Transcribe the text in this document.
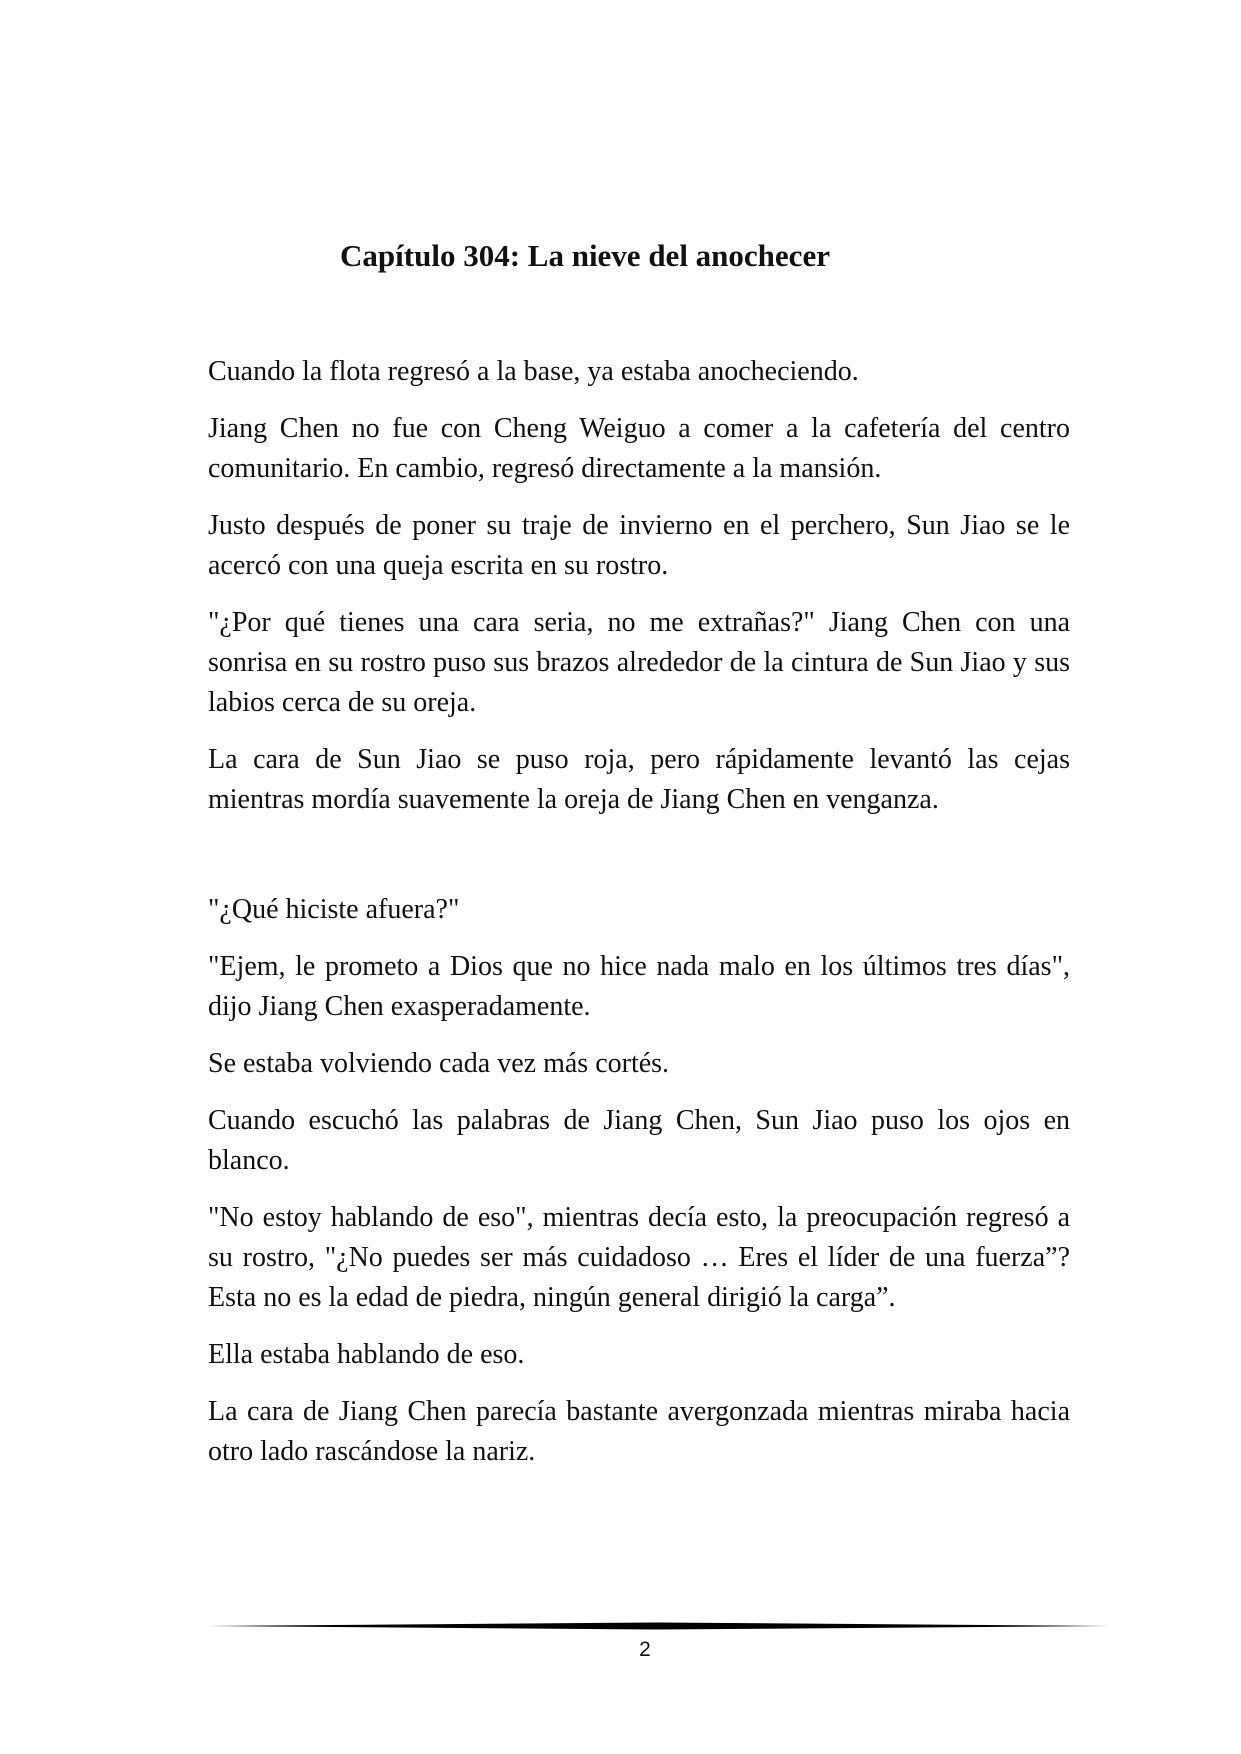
Capítulo 304: La nieve del anochecer

Cuando la flota regresó a la base, ya estaba anocheciendo.

Jiang Chen no fue con Cheng Weiguo a comer a la cafetería del centro comunitario. En cambio, regresó directamente a la mansión.

Justo después de poner su traje de invierno en el perchero, Sun Jiao se le acercó con una queja escrita en su rostro.

"¿Por qué tienes una cara seria, no me extrañas?" Jiang Chen con una sonrisa en su rostro puso sus brazos alrededor de la cintura de Sun Jiao y sus labios cerca de su oreja.

La cara de Sun Jiao se puso roja, pero rápidamente levantó las cejas mientras mordía suavemente la oreja de Jiang Chen en venganza.

"¿Qué hiciste afuera?"

"Ejem, le prometo a Dios que no hice nada malo en los últimos tres días", dijo Jiang Chen exasperadamente.

Se estaba volviendo cada vez más cortés.

Cuando escuchó las palabras de Jiang Chen, Sun Jiao puso los ojos en blanco.

"No estoy hablando de eso", mientras decía esto, la preocupación regresó a su rostro, "¿No puedes ser más cuidadoso … Eres el líder de una fuerza”? Esta no es la edad de piedra, ningún general dirigió la carga”.

Ella estaba hablando de eso.

La cara de Jiang Chen parecía bastante avergonzada mientras miraba hacia otro lado rascándose la nariz.

2
